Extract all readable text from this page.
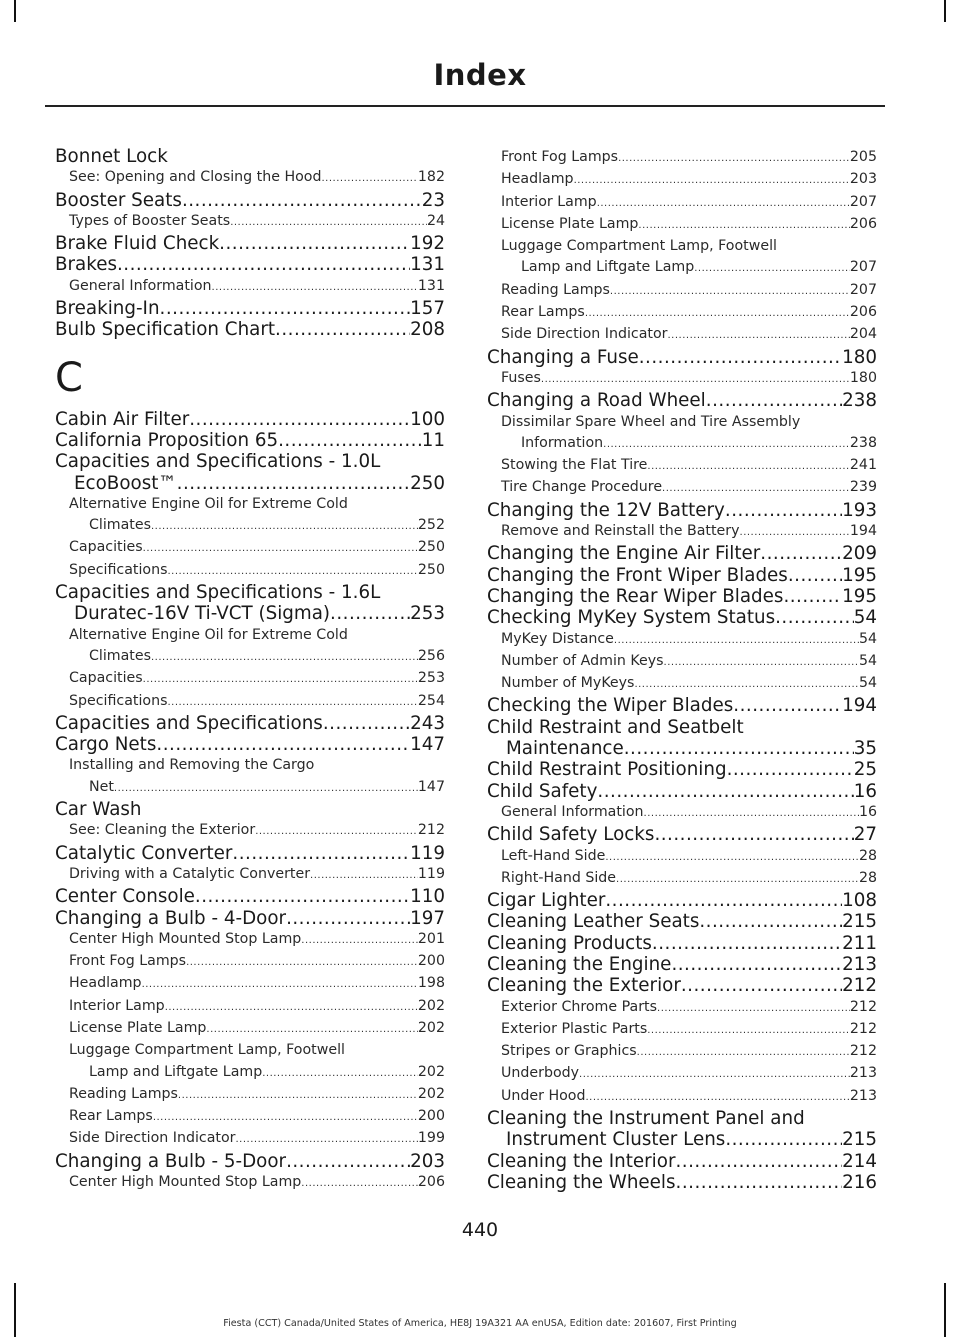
Index
Bonnet Lock
See: Opening and Closing the Hood .....	182
Booster Seats .....	23
Types of Booster Seats .....	24
Brake Fluid Check .....	192
Brakes .....	131
General Information .....	131
Breaking-In .....	157
Bulb Specification Chart .....	208
C
Cabin Air Filter .....	100
California Proposition 65 .....	11
Capacities and Specifications - 1.0L
EcoBoost™ .....	250
Alternative Engine Oil for Extreme Cold
Climates .....	252
Capacities .....	250
Specifications .....	250
Capacities and Specifications - 1.6L
Duratec-16V Ti-VCT (Sigma) .....	253
Alternative Engine Oil for Extreme Cold
Climates .....	256
Capacities .....	253
Specifications .....	254
Capacities and Specifications .....	243
Cargo Nets .....	147
Installing and Removing the Cargo
Net .....	147
Car Wash
See: Cleaning the Exterior .....	212
Catalytic Converter .....	119
Driving with a Catalytic Converter .....	119
Center Console .....	110
Changing a Bulb - 4-Door .....	197
Center High Mounted Stop Lamp .....	201
Front Fog Lamps .....	200
Headlamp .....	198
Interior Lamp .....	202
License Plate Lamp .....	202
Luggage Compartment Lamp, Footwell
Lamp and Liftgate Lamp .....	202
Reading Lamps .....	202
Rear Lamps .....	200
Side Direction Indicator .....	199
Changing a Bulb - 5-Door .....	203
Center High Mounted Stop Lamp .....	206
Front Fog Lamps .....	205
Headlamp .....	203
Interior Lamp .....	207
License Plate Lamp .....	206
Luggage Compartment Lamp, Footwell
Lamp and Liftgate Lamp .....	207
Reading Lamps .....	207
Rear Lamps .....	206
Side Direction Indicator .....	204
Changing a Fuse .....	180
Fuses .....	180
Changing a Road Wheel .....	238
Dissimilar Spare Wheel and Tire Assembly
Information .....	238
Stowing the Flat Tire .....	241
Tire Change Procedure .....	239
Changing the 12V Battery .....	193
Remove and Reinstall the Battery .....	194
Changing the Engine Air Filter .....	209
Changing the Front Wiper Blades .....	195
Changing the Rear Wiper Blades .....	195
Checking MyKey System Status .....	54
MyKey Distance .....	54
Number of Admin Keys .....	54
Number of MyKeys .....	54
Checking the Wiper Blades .....	194
Child Restraint and Seatbelt
Maintenance .....	35
Child Restraint Positioning .....	25
Child Safety .....	16
General Information .....	16
Child Safety Locks .....	27
Left-Hand Side .....	28
Right-Hand Side .....	28
Cigar Lighter .....	108
Cleaning Leather Seats .....	215
Cleaning Products .....	211
Cleaning the Engine .....	213
Cleaning the Exterior .....	212
Exterior Chrome Parts .....	212
Exterior Plastic Parts .....	212
Stripes or Graphics .....	212
Underbody .....	213
Under Hood .....	213
Cleaning the Instrument Panel and
Instrument Cluster Lens .....	215
Cleaning the Interior .....	214
Cleaning the Wheels .....	216
440
Fiesta (CCT) Canada/United States of America, HE8J 19A321 AA enUSA, Edition date: 201607, First Printing
